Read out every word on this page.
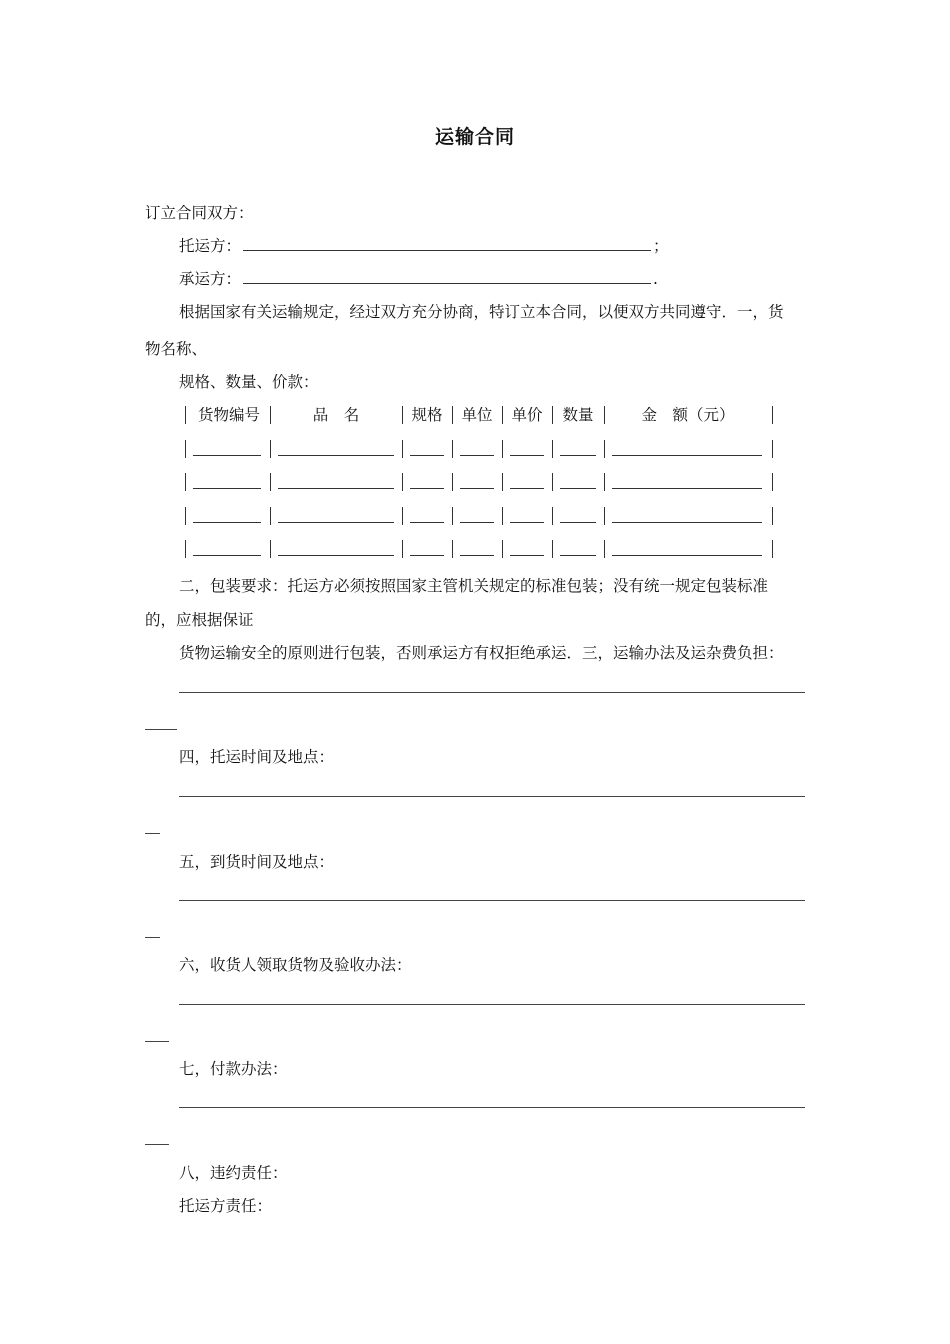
运输合同
订立合同双方：
托运方：	；
承运方：	.
根据国家有关运输规定，经过双方充分协商，特订立本合同，以便双方共同遵守．一，货
物名称、
规格、数量、价款：
货物编号	品　名	规格	单位	单价	数量	金　额（元）
二，包装要求：托运方必须按照国家主管机关规定的标准包装；没有统一规定包装标准
的，应根据保证
货物运输安全的原则进行包装，否则承运方有权拒绝承运．三，运输办法及运杂费负担：
四，托运时间及地点：
五，到货时间及地点：
六，收货人领取货物及验收办法：
七，付款办法：
八，违约责任：
托运方责任：
